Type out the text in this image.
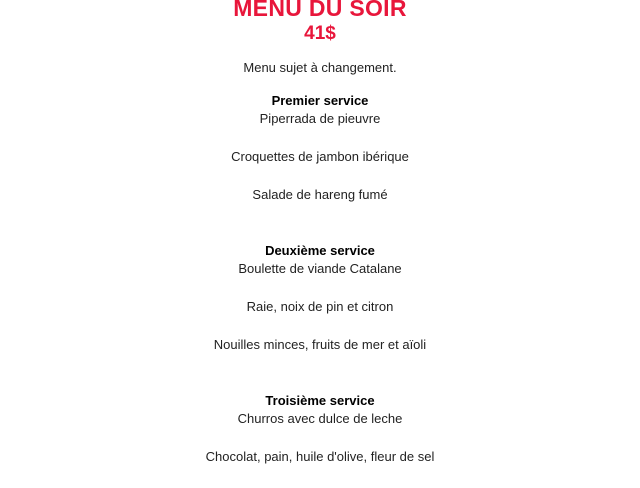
MENU DU SOIR
41$
Menu sujet à changement.
Premier service
Piperrada de pieuvre
Croquettes de jambon ibérique
Salade de hareng fumé
Deuxième service
Boulette de viande Catalane
Raie, noix de pin et citron
Nouilles minces, fruits de mer et aïoli
Troisième service
Churros avec dulce de leche
Chocolat, pain, huile d'olive, fleur de sel
